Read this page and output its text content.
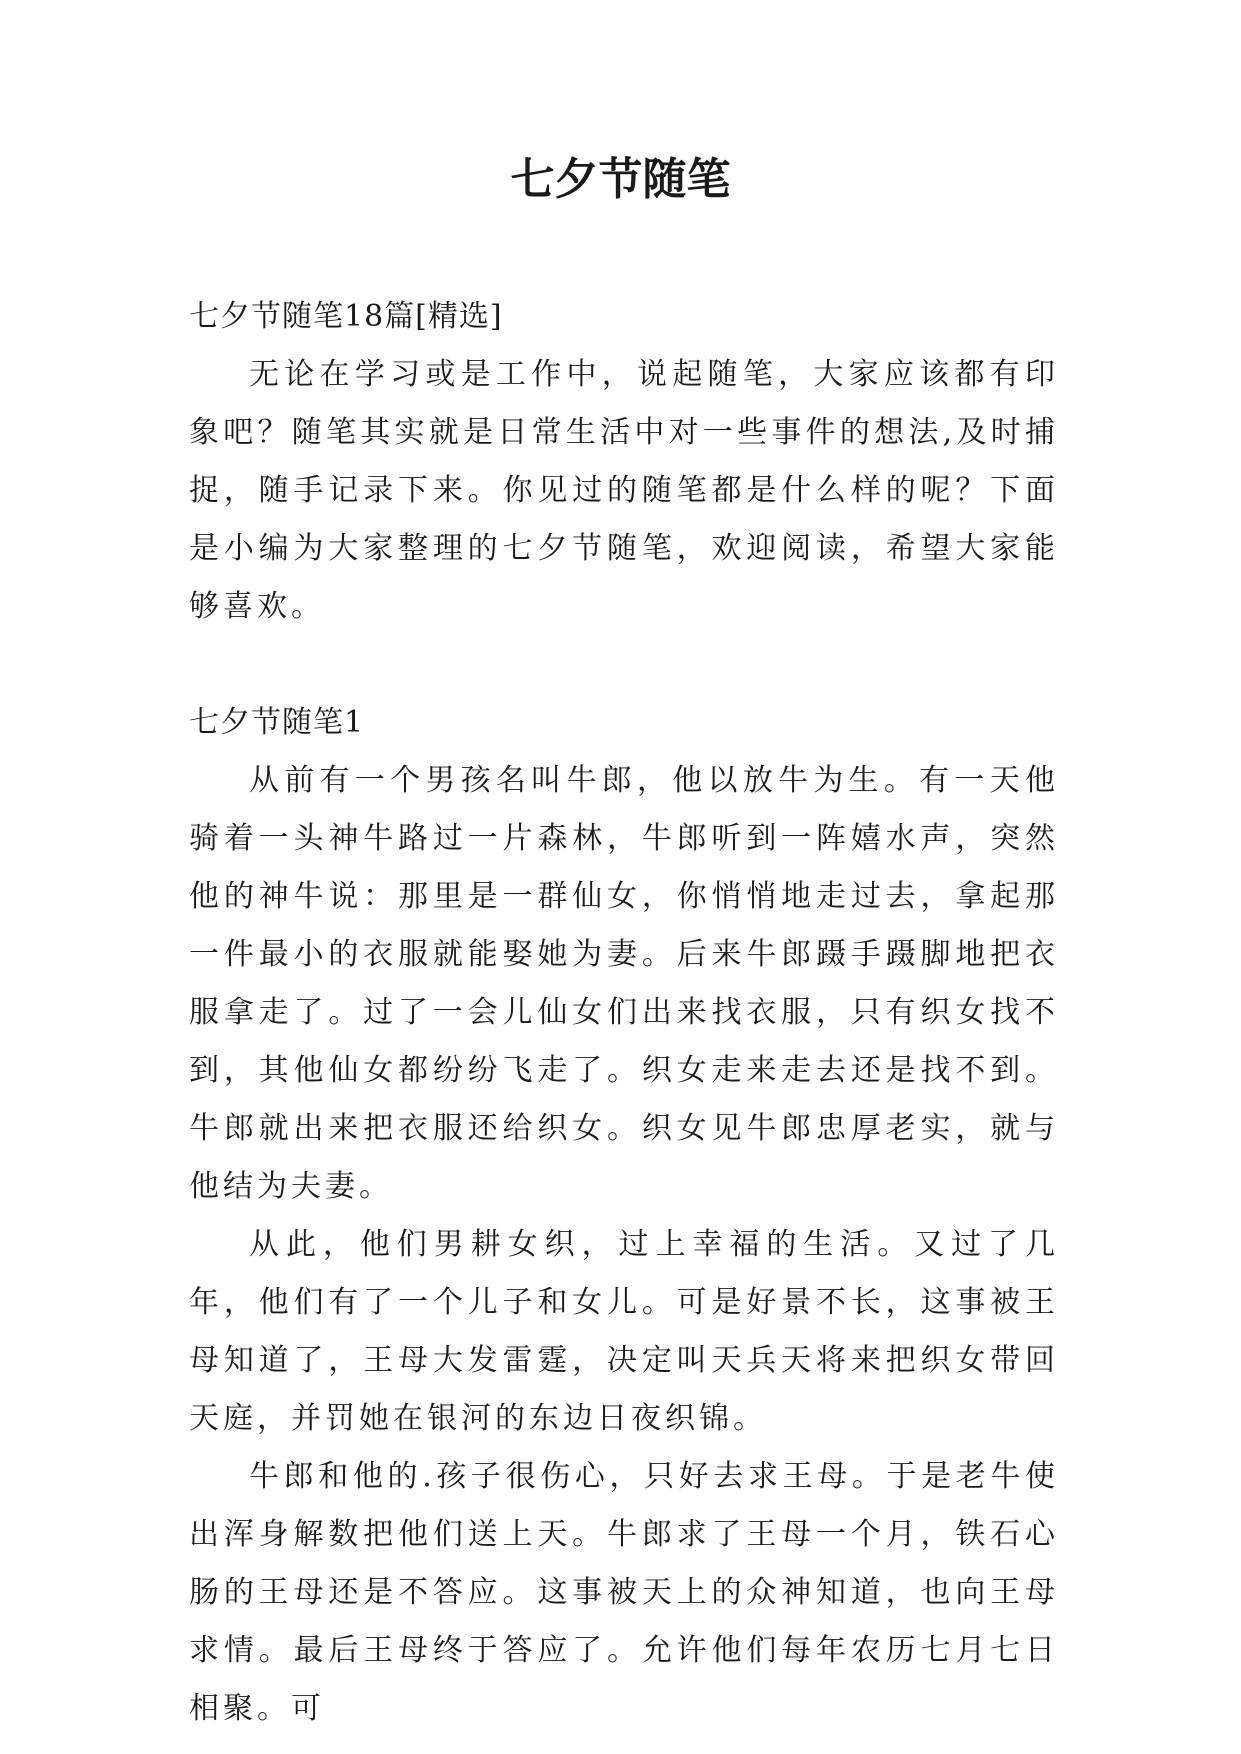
七夕节随笔

七夕节随笔18篇[精选]

无论在学习或是工作中，说起随笔，大家应该都有印象吧？随笔其实就是日常生活中对一些事件的想法,及时捕捉，随手记录下来。你见过的随笔都是什么样的呢？下面是小编为大家整理的七夕节随笔，欢迎阅读，希望大家能够喜欢。

七夕节随笔1

从前有一个男孩名叫牛郎，他以放牛为生。有一天他骑着一头神牛路过一片森林，牛郎听到一阵嬉水声，突然他的神牛说：那里是一群仙女，你悄悄地走过去，拿起那一件最小的衣服就能娶她为妻。后来牛郎蹑手蹑脚地把衣服拿走了。过了一会儿仙女们出来找衣服，只有织女找不到，其他仙女都纷纷飞走了。织女走来走去还是找不到。牛郎就出来把衣服还给织女。织女见牛郎忠厚老实，就与他结为夫妻。

从此，他们男耕女织，过上幸福的生活。又过了几年，他们有了一个儿子和女儿。可是好景不长，这事被王母知道了，王母大发雷霆，决定叫天兵天将来把织女带回天庭，并罚她在银河的东边日夜织锦。

牛郎和他的.孩子很伤心，只好去求王母。于是老牛使出浑身解数把他们送上天。牛郎求了王母一个月，铁石心肠的王母还是不答应。这事被天上的众神知道，也向王母求情。最后王母终于答应了。允许他们每年农历七月七日相聚。可
